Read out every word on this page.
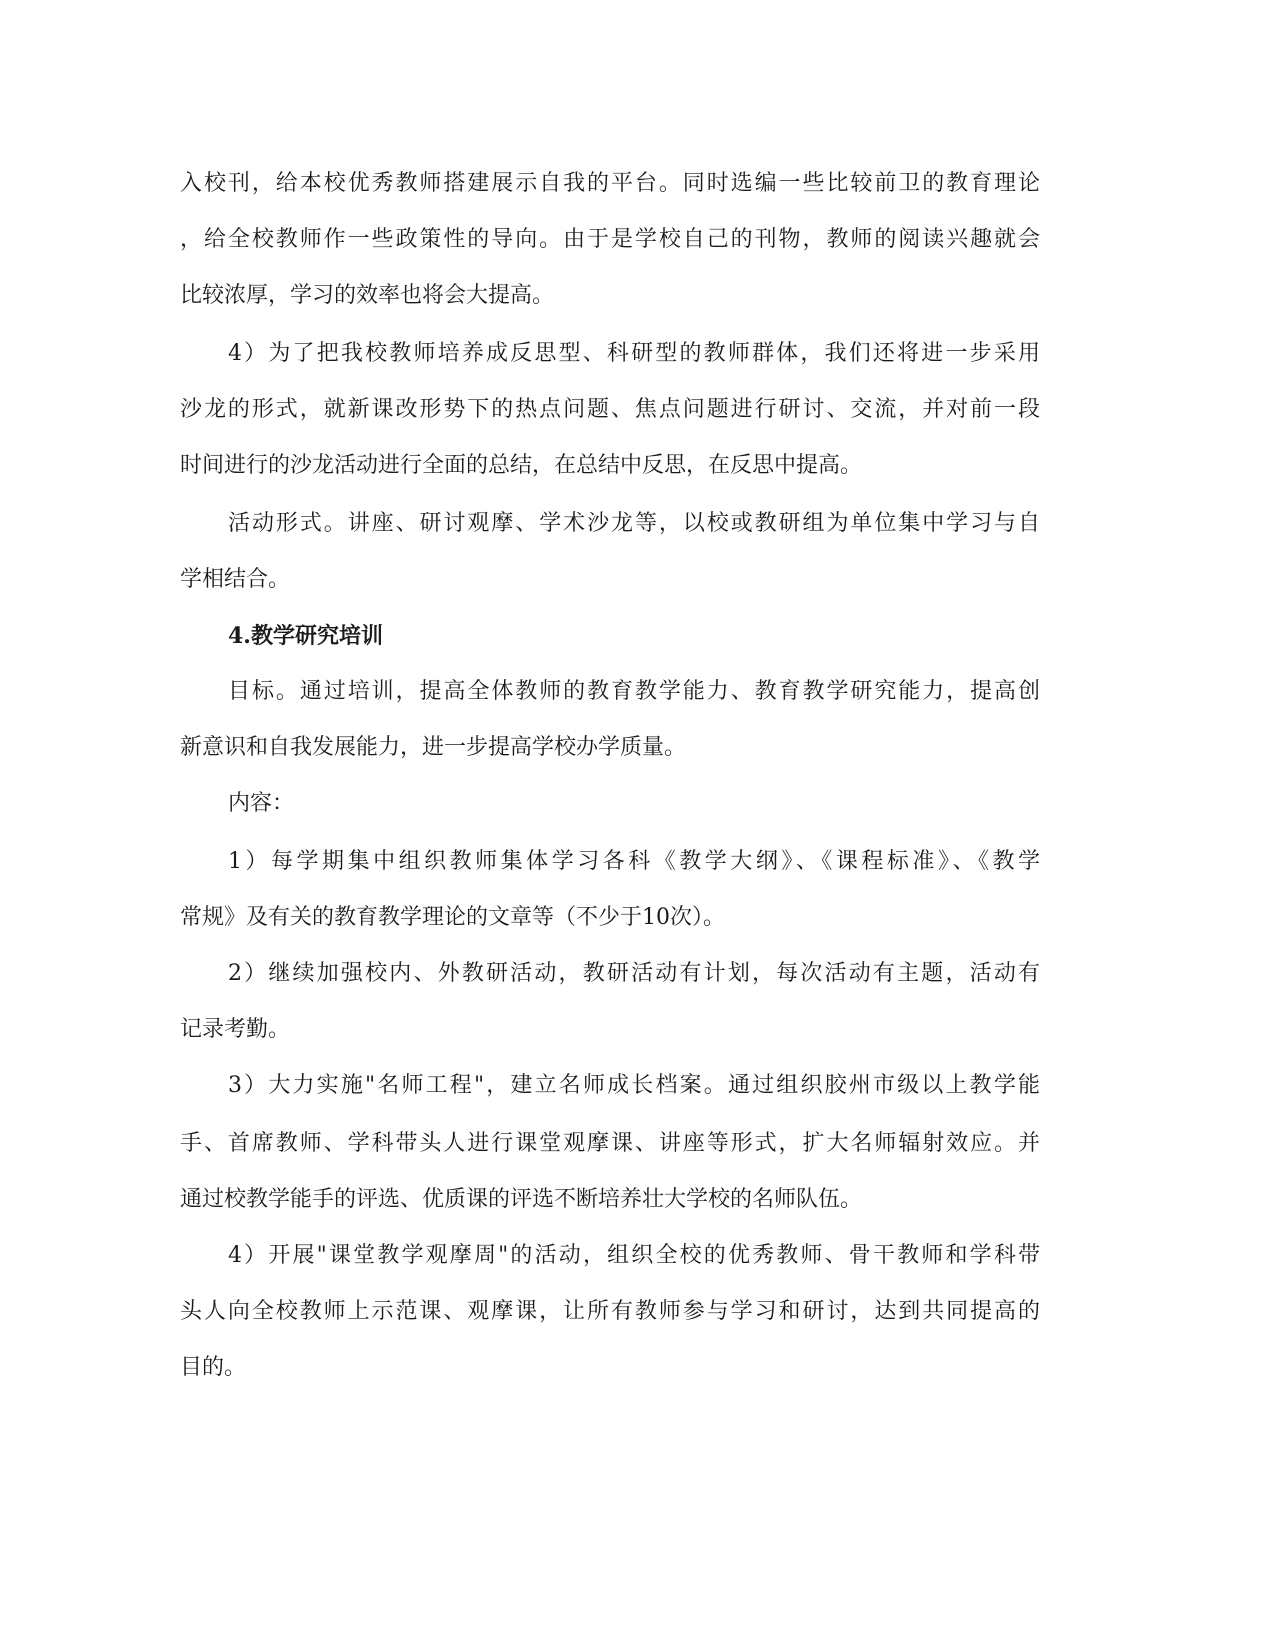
入校刊，给本校优秀教师搭建展示自我的平台。同时选编一些比较前卫的教育理论
，给全校教师作一些政策性的导向。由于是学校自己的刊物，教师的阅读兴趣就会
比较浓厚，学习的效率也将会大提高。
4）为了把我校教师培养成反思型、科研型的教师群体，我们还将进一步采用
沙龙的形式，就新课改形势下的热点问题、焦点问题进行研讨、交流，并对前一段
时间进行的沙龙活动进行全面的总结，在总结中反思，在反思中提高。
活动形式。讲座、研讨观摩、学术沙龙等，以校或教研组为单位集中学习与自
学相结合。
4.教学研究培训
目标。通过培训，提高全体教师的教育教学能力、教育教学研究能力，提高创
新意识和自我发展能力，进一步提高学校办学质量。
内容：
1）每学期集中组织教师集体学习各科《教学大纲》、《课程标准》、《教学
常规》及有关的教育教学理论的文章等（不少于10次）。
2）继续加强校内、外教研活动，教研活动有计划，每次活动有主题，活动有
记录考勤。
3）大力实施"名师工程"，建立名师成长档案。通过组织胶州市级以上教学能
手、首席教师、学科带头人进行课堂观摩课、讲座等形式，扩大名师辐射效应。并
通过校教学能手的评选、优质课的评选不断培养壮大学校的名师队伍。
4）开展"课堂教学观摩周"的活动，组织全校的优秀教师、骨干教师和学科带
头人向全校教师上示范课、观摩课，让所有教师参与学习和研讨，达到共同提高的
目的。
